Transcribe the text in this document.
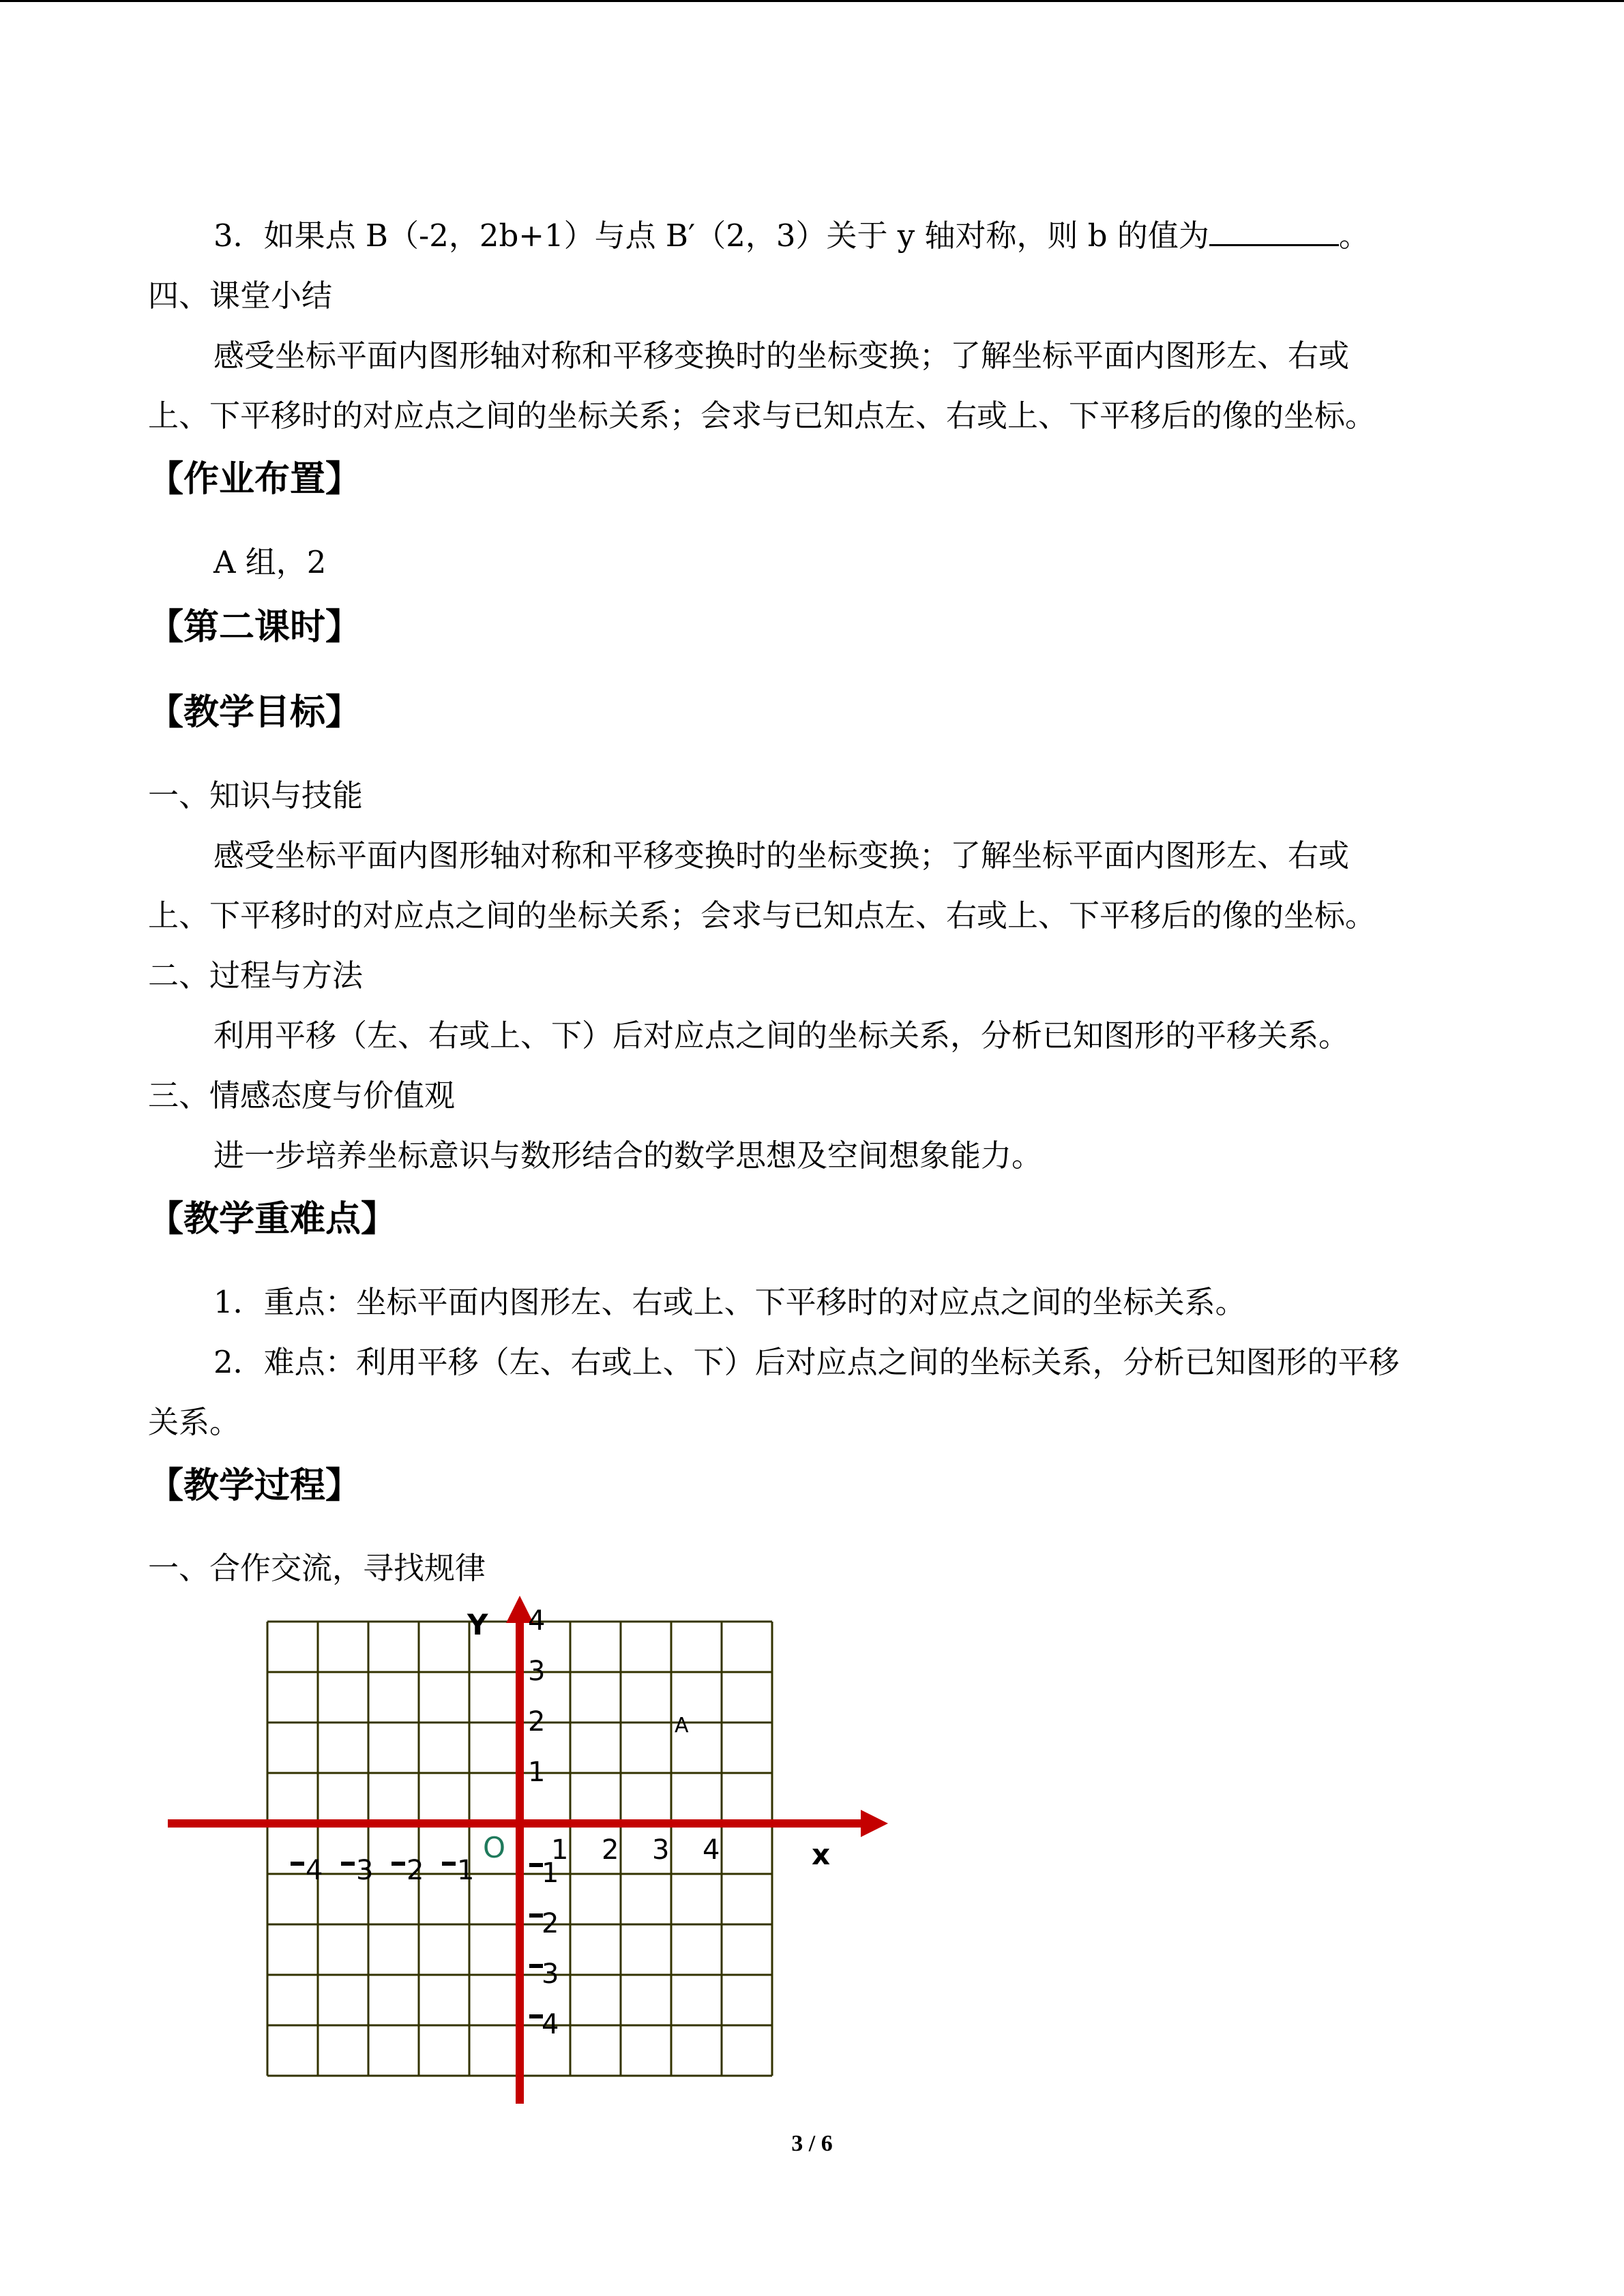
3．如果点 B（-2，2b+1）与点 B′（2，3）关于 y 轴对称，则 b 的值为	。
四、课堂小结
感受坐标平面内图形轴对称和平移变换时的坐标变换；了解坐标平面内图形左、右或
上、下平移时的对应点之间的坐标关系；会求与已知点左、右或上、下平移后的像的坐标。
【作业布置】
A 组，2
【第二课时】
【教学目标】
一、知识与技能
感受坐标平面内图形轴对称和平移变换时的坐标变换；了解坐标平面内图形左、右或
上、下平移时的对应点之间的坐标关系；会求与已知点左、右或上、下平移后的像的坐标。
二、过程与方法
利用平移（左、右或上、下）后对应点之间的坐标关系，分析已知图形的平移关系。
三、情感态度与价值观
进一步培养坐标意识与数形结合的数学思想及空间想象能力。
【教学重难点】
1．重点：坐标平面内图形左、右或上、下平移时的对应点之间的坐标关系。
2．难点：利用平移（左、右或上、下）后对应点之间的坐标关系，分析已知图形的平移
关系。
【教学过程】
一、合作交流，寻找规律
Y
x
O
A
1 2 3 4
4 3 2 1
4
3
2
1
1
2
3
4
3 / 6
